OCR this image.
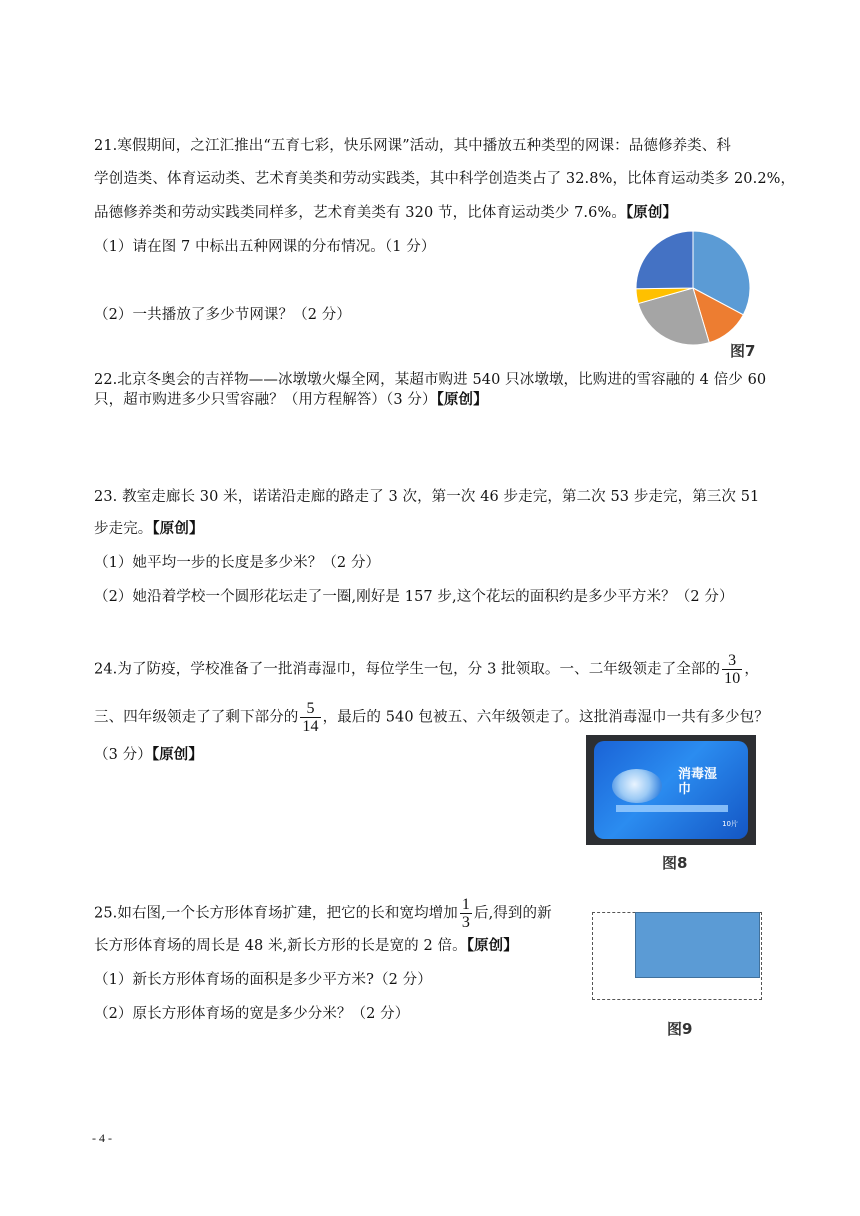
21.寒假期间，之江汇推出“五育七彩，快乐网课”活动，其中播放五种类型的网课：品德修养类、科
学创造类、体育运动类、艺术育美类和劳动实践类，其中科学创造类占了 32.8%，比体育运动类多 20.2%，
品德修养类和劳动实践类同样多，艺术育美类有 320 节，比体育运动类少 7.6%。【原创】
（1）请在图 7 中标出五种网课的分布情况。（1 分）
（2）一共播放了多少节网课？（2 分）
图7
22.北京冬奥会的吉祥物——冰墩墩火爆全网，某超市购进 540 只冰墩墩，比购进的雪容融的 4 倍少 60
只，超市购进多少只雪容融？（用方程解答）（3 分）【原创】
23. 教室走廊长 30 米，诺诺沿走廊的路走了 3 次，第一次 46 步走完，第二次 53 步走完，第三次 51
步走完。【原创】
（1）她平均一步的长度是多少米？（2 分）
（2）她沿着学校一个圆形花坛走了一圈,刚好是 157 步,这个花坛的面积约是多少平方米？（2 分）
24.为了防疫，学校准备了一批消毒湿巾，每位学生一包，分 3 批领取。一、二年级领走了全部的 $\frac{3}{10}$ ，
三、四年级领走了了剩下部分的 $\frac{5}{14}$ ，最后的 540 包被五、六年级领走了。这批消毒湿巾一共有多少包？
（3 分）【原创】
消毒湿巾
10片
图8
25.如右图,一个长方形体育场扩建，把它的长和宽均增加 $\frac{1}{3}$ 后,得到的新
长方形体育场的周长是 48 米,新长方形的长是宽的 2 倍。【原创】
（1）新长方形体育场的面积是多少平方米?（2 分）
（2）原长方形体育场的宽是多少分米？（2 分）
图9
- 4 -
